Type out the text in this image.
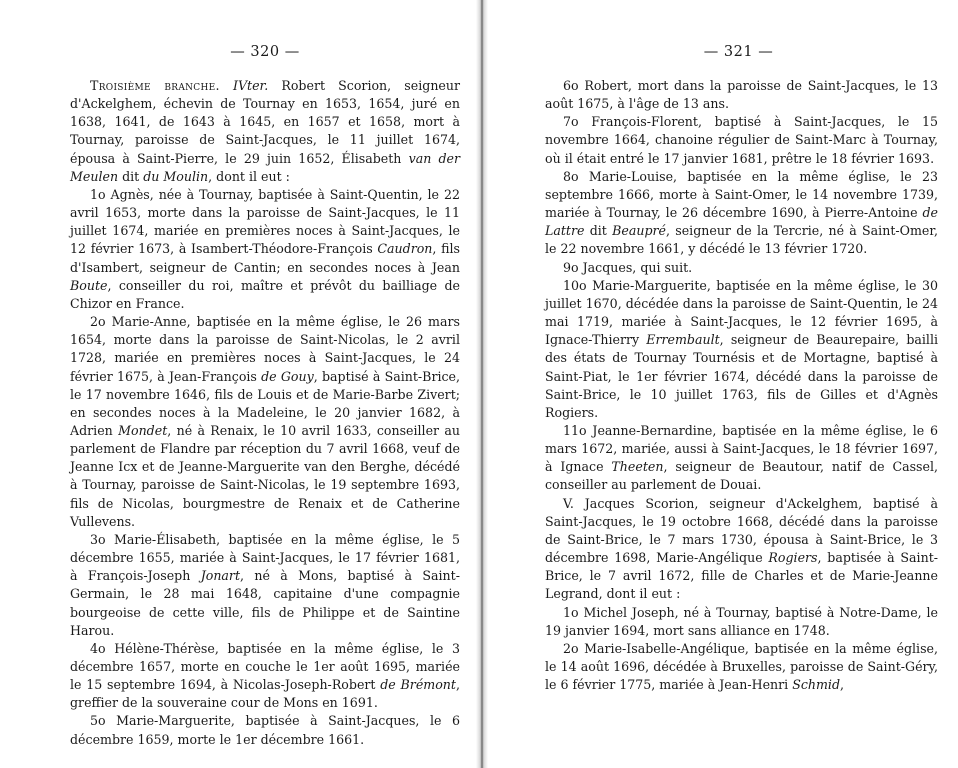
— 320 —

Troisième branche. IVter. Robert Scorion, seigneur d'Ackelghem, échevin de Tournay en 1653, 1654, juré en 1638, 1641, de 1643 à 1645, en 1657 et 1658, mort à Tournay, paroisse de Saint-Jacques, le 11 juillet 1674, épousa à Saint-Pierre, le 29 juin 1652, Élisabeth van der Meulen dit du Moulin, dont il eut :

1o Agnès, née à Tournay, baptisée à Saint-Quentin, le 22 avril 1653, morte dans la paroisse de Saint-Jacques, le 11 juillet 1674, mariée en premières noces à Saint-Jacques, le 12 février 1673, à Isambert-Théodore-François Caudron, fils d'Isambert, seigneur de Cantin; en secondes noces à Jean Boute, conseiller du roi, maître et prévôt du bailliage de Chizor en France.

2o Marie-Anne, baptisée en la même église, le 26 mars 1654, morte dans la paroisse de Saint-Nicolas, le 2 avril 1728, mariée en premières noces à Saint-Jacques, le 24 février 1675, à Jean-François de Gouy, baptisé à Saint-Brice, le 17 novembre 1646, fils de Louis et de Marie-Barbe Zivert; en secondes noces à la Madeleine, le 20 janvier 1682, à Adrien Mondet, né à Renaix, le 10 avril 1633, conseiller au parlement de Flandre par réception du 7 avril 1668, veuf de Jeanne Icx et de Jeanne-Marguerite van den Berghe, décédé à Tournay, paroisse de Saint-Nicolas, le 19 septembre 1693, fils de Nicolas, bourgmestre de Renaix et de Catherine Vullevens.

3o Marie-Élisabeth, baptisée en la même église, le 5 décembre 1655, mariée à Saint-Jacques, le 17 février 1681, à François-Joseph Jonart, né à Mons, baptisé à Saint-Germain, le 28 mai 1648, capitaine d'une compagnie bourgeoise de cette ville, fils de Philippe et de Saintine Harou.

4o Hélène-Thérèse, baptisée en la même église, le 3 décembre 1657, morte en couche le 1er août 1695, mariée le 15 septembre 1694, à Nicolas-Joseph-Robert de Brémont, greffier de la souveraine cour de Mons en 1691.

5o Marie-Marguerite, baptisée à Saint-Jacques, le 6 décembre 1659, morte le 1er décembre 1661.

— 321 —

6o Robert, mort dans la paroisse de Saint-Jacques, le 13 août 1675, à l'âge de 13 ans.

7o François-Florent, baptisé à Saint-Jacques, le 15 novembre 1664, chanoine régulier de Saint-Marc à Tournay, où il était entré le 17 janvier 1681, prêtre le 18 février 1693.

8o Marie-Louise, baptisée en la même église, le 23 septembre 1666, morte à Saint-Omer, le 14 novembre 1739, mariée à Tournay, le 26 décembre 1690, à Pierre-Antoine de Lattre dit Beaupré, seigneur de la Tercrie, né à Saint-Omer, le 22 novembre 1661, y décédé le 13 février 1720.

9o Jacques, qui suit.

10o Marie-Marguerite, baptisée en la même église, le 30 juillet 1670, décédée dans la paroisse de Saint-Quentin, le 24 mai 1719, mariée à Saint-Jacques, le 12 février 1695, à Ignace-Thierry Errembault, seigneur de Beaurepaire, bailli des états de Tournay Tournésis et de Mortagne, baptisé à Saint-Piat, le 1er février 1674, décédé dans la paroisse de Saint-Brice, le 10 juillet 1763, fils de Gilles et d'Agnès Rogiers.

11o Jeanne-Bernardine, baptisée en la même église, le 6 mars 1672, mariée, aussi à Saint-Jacques, le 18 février 1697, à Ignace Theeten, seigneur de Beautour, natif de Cassel, conseiller au parlement de Douai.

V. Jacques Scorion, seigneur d'Ackelghem, baptisé à Saint-Jacques, le 19 octobre 1668, décédé dans la paroisse de Saint-Brice, le 7 mars 1730, épousa à Saint-Brice, le 3 décembre 1698, Marie-Angélique Rogiers, baptisée à Saint-Brice, le 7 avril 1672, fille de Charles et de Marie-Jeanne Legrand, dont il eut :

1o Michel Joseph, né à Tournay, baptisé à Notre-Dame, le 19 janvier 1694, mort sans alliance en 1748.

2o Marie-Isabelle-Angélique, baptisée en la même église, le 14 août 1696, décédée à Bruxelles, paroisse de Saint-Géry, le 6 février 1775, mariée à Jean-Henri Schmid,
